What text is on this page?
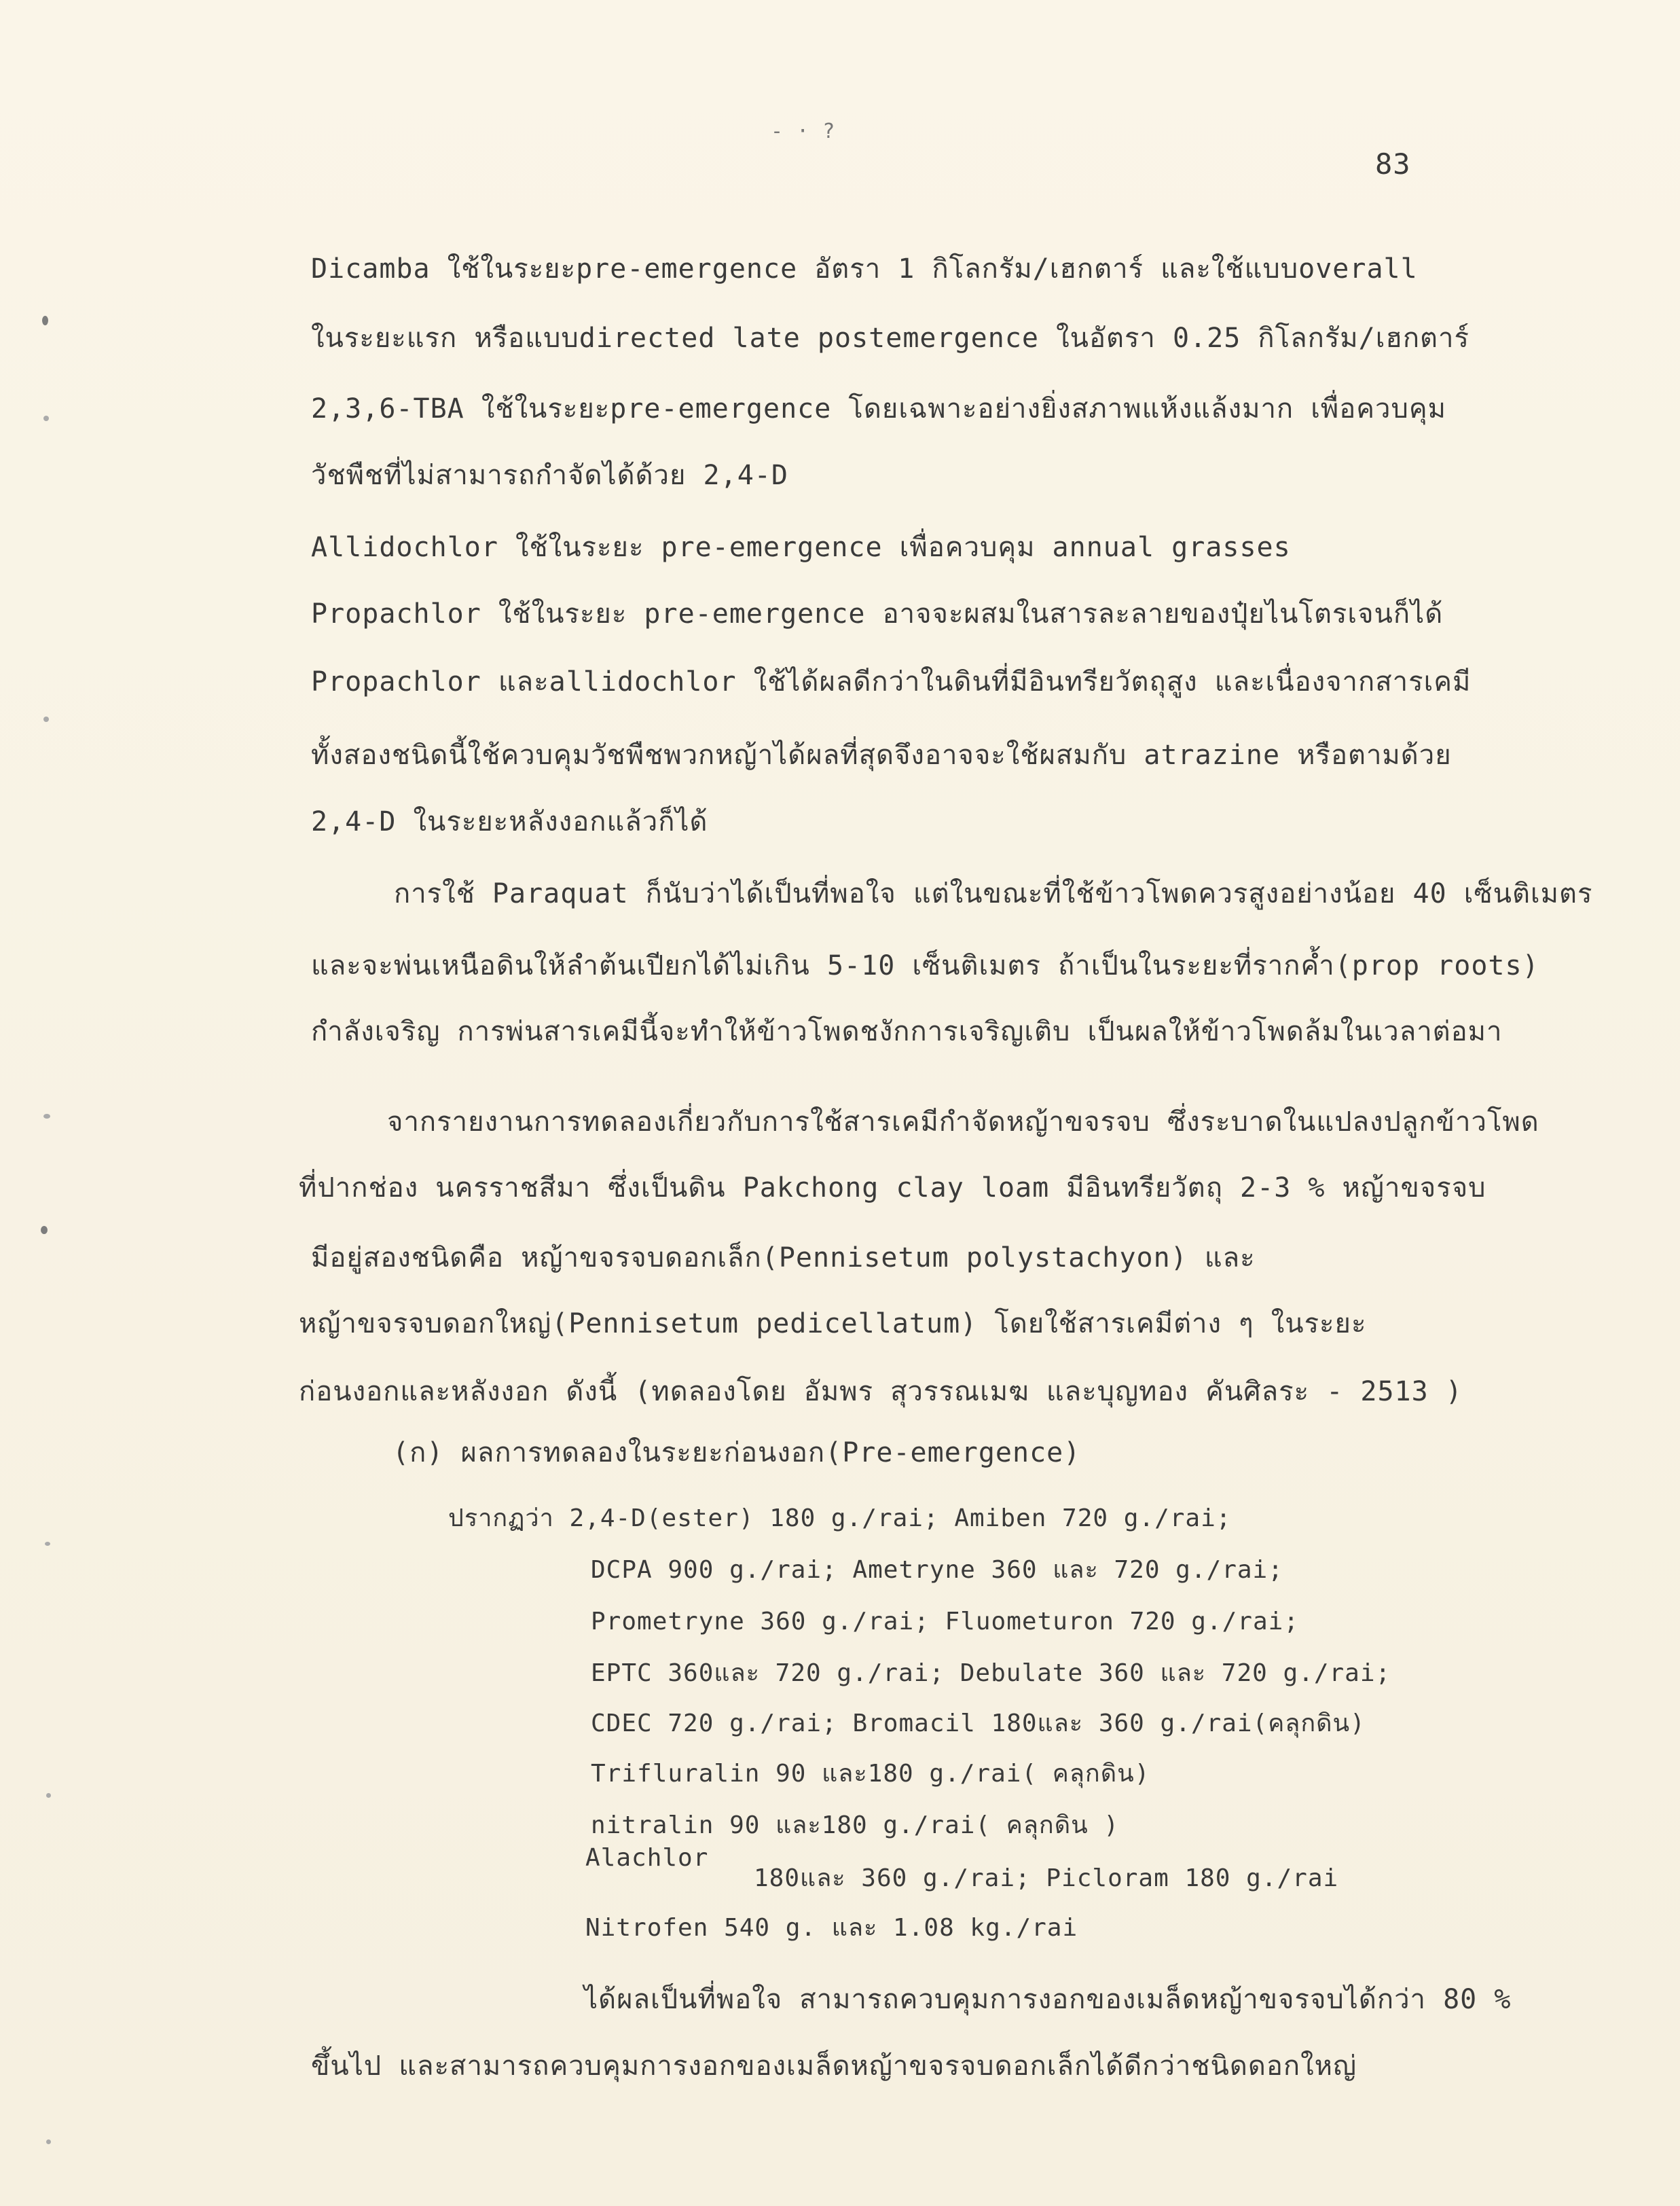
- · ?
83
Dicamba ใช้ในระยะpre-emergence อัตรา 1 กิโลกรัม/เฮกตาร์ และใช้แบบoverall
ในระยะแรก หรือแบบdirected late postemergence ในอัตรา 0.25 กิโลกรัม/เฮกตาร์
2,3,6-TBA ใช้ในระยะpre-emergence โดยเฉพาะอย่างยิ่งสภาพแห้งแล้งมาก เพื่อควบคุม
วัชพืชที่ไม่สามารถกำจัดได้ด้วย 2,4-D
Allidochlor ใช้ในระยะ pre-emergence เพื่อควบคุม annual grasses
Propachlor ใช้ในระยะ pre-emergence อาจจะผสมในสารละลายของปุ๋ยไนโตรเจนก็ได้
Propachlor และallidochlor ใช้ได้ผลดีกว่าในดินที่มีอินทรียวัตถุสูง และเนื่องจากสารเคมี
ทั้งสองชนิดนี้ใช้ควบคุมวัชพืชพวกหญ้าได้ผลที่สุดจึงอาจจะใช้ผสมกับ atrazine หรือตามด้วย
2,4-D ในระยะหลังงอกแล้วก็ได้
การใช้ Paraquat ก็นับว่าได้เป็นที่พอใจ แต่ในขณะที่ใช้ข้าวโพดควรสูงอย่างน้อย 40 เซ็นติเมตร
และจะพ่นเหนือดินให้ลำต้นเปียกได้ไม่เกิน 5-10 เซ็นติเมตร ถ้าเป็นในระยะที่รากค้ำ(prop roots)
กำลังเจริญ การพ่นสารเคมีนี้จะทำให้ข้าวโพดชงักการเจริญเติบ เป็นผลให้ข้าวโพดล้มในเวลาต่อมา
จากรายงานการทดลองเกี่ยวกับการใช้สารเคมีกำจัดหญ้าขจรจบ ซึ่งระบาดในแปลงปลูกข้าวโพด
ที่ปากช่อง นครราชสีมา ซึ่งเป็นดิน Pakchong clay loam มีอินทรียวัตถุ 2-3 % หญ้าขจรจบ
มีอยู่สองชนิดคือ หญ้าขจรจบดอกเล็ก(Pennisetum polystachyon) และ
หญ้าขจรจบดอกใหญ่(Pennisetum pedicellatum) โดยใช้สารเคมีต่าง ๆ ในระยะ
ก่อนงอกและหลังงอก ดังนี้ (ทดลองโดย อัมพร สุวรรณเมฆ และบุญทอง คันศิลระ - 2513 )
(ก) ผลการทดลองในระยะก่อนงอก(Pre-emergence)
ปรากฏว่า 2,4-D(ester) 180 g./rai; Amiben 720 g./rai;
DCPA 900 g./rai; Ametryne 360 และ 720 g./rai;
Prometryne 360 g./rai; Fluometuron 720 g./rai;
EPTC 360และ 720 g./rai; Debulate 360 และ 720 g./rai;
CDEC 720 g./rai; Bromacil 180และ 360 g./rai(คลุกดิน)
Trifluralin 90 และ180 g./rai( คลุกดิน)
nitralin 90 และ180 g./rai( คลุกดิน )
Alachlor
180และ 360 g./rai; Picloram 180 g./rai
Nitrofen 540 g. และ 1.08 kg./rai
ได้ผลเป็นที่พอใจ สามารถควบคุมการงอกของเมล็ดหญ้าขจรจบได้กว่า 80 %
ขึ้นไป และสามารถควบคุมการงอกของเมล็ดหญ้าขจรจบดอกเล็กได้ดีกว่าชนิดดอกใหญ่
